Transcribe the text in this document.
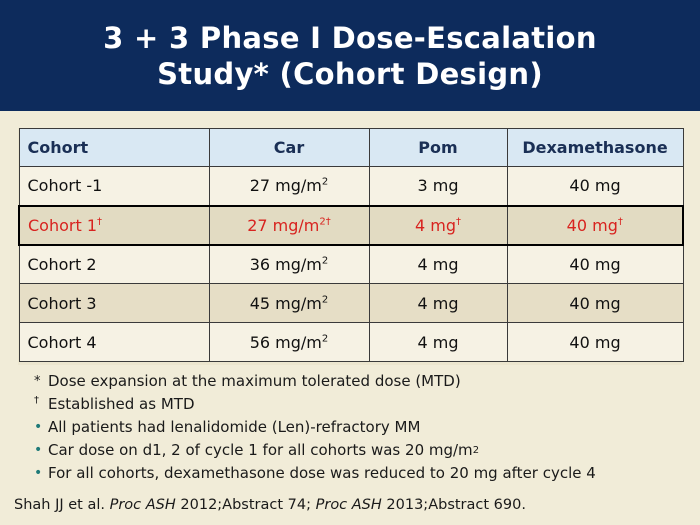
3 + 3 Phase I Dose-Escalation
Study* (Cohort Design)
Cohort	Car	Pom	Dexamethasone
Cohort -1	27 $mg/m^2$	3 mg	40 mg
Cohort 1†	27 $mg/m^{2\dagger}$	4 mg†	40 mg†
Cohort 2	36 $mg/m^2$	4 mg	40 mg
Cohort 3	45 $mg/m^2$	4 mg	40 mg
Cohort 4	56 $mg/m^2$	4 mg	40 mg
* Dose expansion at the maximum tolerated dose (MTD)
† Established as MTD
• All patients had lenalidomide (Len)-refractory MM
• Car dose on d1, 2 of cycle 1 for all cohorts was 20 mg/m 2
• For all cohorts, dexamethasone dose was reduced to 20 mg after cycle 4
Shah JJ et al. Proc ASH 2012;Abstract 74; Proc ASH 2013;Abstract 690.
